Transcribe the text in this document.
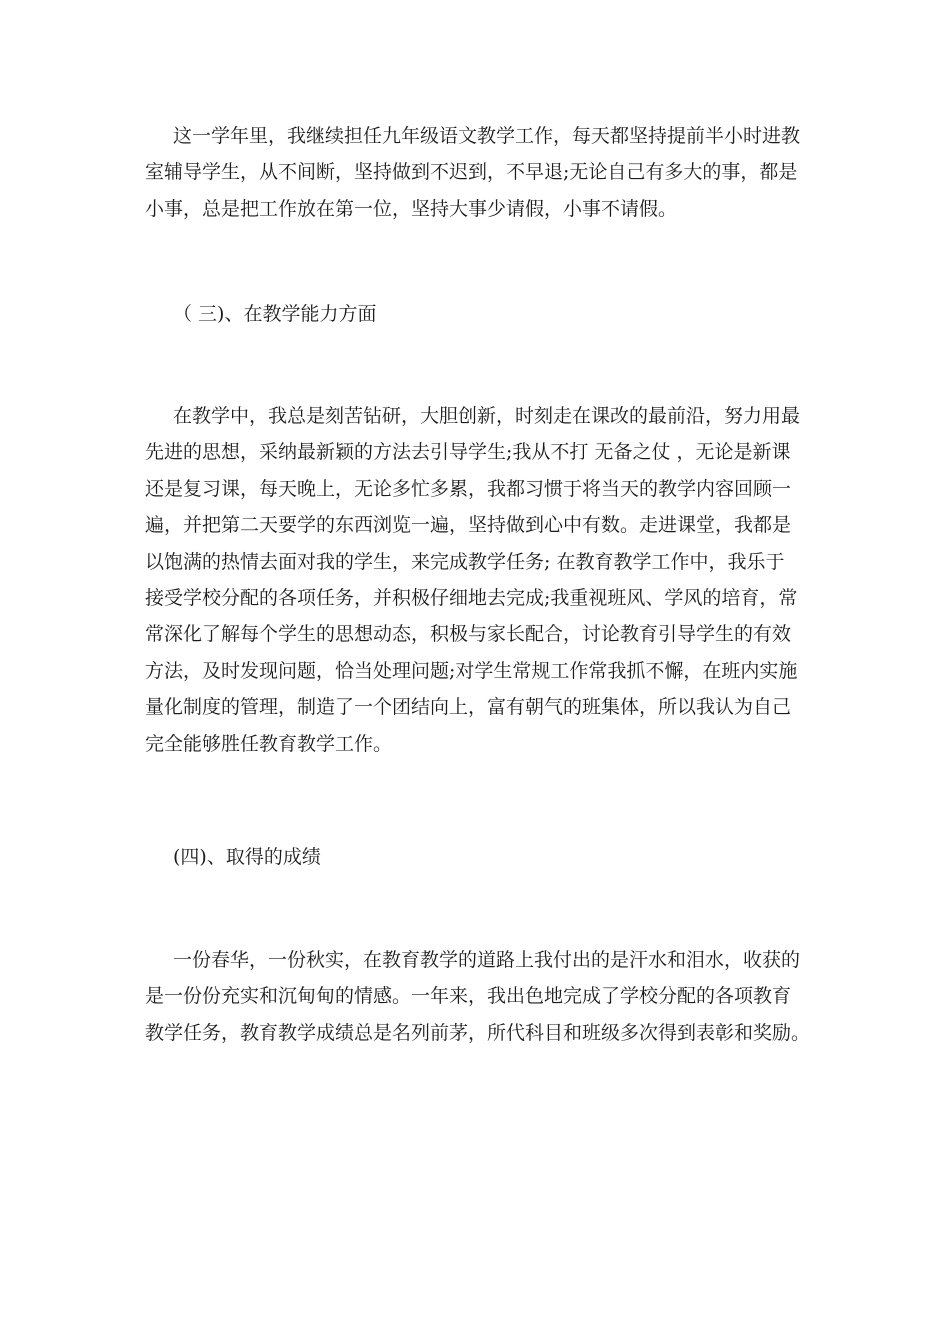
这一学年里，我继续担任九年级语文教学工作，每天都坚持提前半小时进教
室辅导学生，从不间断，坚持做到不迟到，不早退;无论自己有多大的事，都是
小事，总是把工作放在第一位，坚持大事少请假，小事不请假。
（ 三)、在教学能力方面
在教学中，我总是刻苦钻研，大胆创新，时刻走在课改的最前沿，努力用最
先进的思想，采纳最新颖的方法去引导学生;我从不打 无备之仗 ，无论是新课
还是复习课，每天晚上，无论多忙多累，我都习惯于将当天的教学内容回顾一
遍，并把第二天要学的东西浏览一遍，坚持做到心中有数。走进课堂，我都是
以饱满的热情去面对我的学生，来完成教学任务; 在教育教学工作中，我乐于
接受学校分配的各项任务，并积极仔细地去完成;我重视班风、学风的培育，常
常深化了解每个学生的思想动态，积极与家长配合，讨论教育引导学生的有效
方法，及时发现问题，恰当处理问题;对学生常规工作常我抓不懈，在班内实施
量化制度的管理，制造了一个团结向上，富有朝气的班集体，所以我认为自己
完全能够胜任教育教学工作。
(四)、取得的成绩
一份春华，一份秋实，在教育教学的道路上我付出的是汗水和泪水，收获的
是一份份充实和沉甸甸的情感。一年来，我出色地完成了学校分配的各项教育
教学任务，教育教学成绩总是名列前茅，所代科目和班级多次得到表彰和奖励。
